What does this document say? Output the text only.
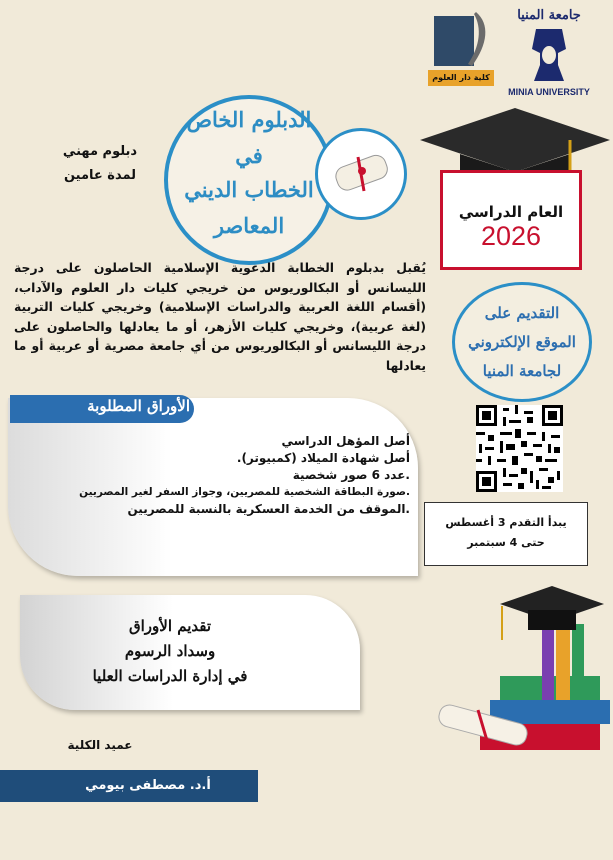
جامعة المنيا
MINIA UNIVERSITY
كلية دار العلوم
الدبلوم الخاص
في
الخطاب الديني
المعاصر
دبلوم مهني
لمدة عامين
العام الدراسي
2026
التقديم على
الموقع الإلكتروني
لجامعة المنيا
يبدأ التقدم 3 أغسطس
حتى 4 سبتمبر
يُقبل بدبلوم الخطابة الدعوية الإسلامية الحاصلون على درجة الليسانس أو البكالوريوس من خريجي كليات دار العلوم والآداب، (أقسام اللغة العربية والدراسات الإسلامية) وخريجي كليات التربية (لغة عربية)، وخريجي كليات الأزهر، أو ما يعادلها والحاصلون على درجة الليسانس أو البكالوريوس من أي جامعة مصرية أو عربية أو ما يعادلها
الأوراق المطلوبة
أصل المؤهل الدراسي
أصل شهادة الميلاد (كمبيوتر).
.عدد 6 صور شخصية
.صورة البطاقة الشخصية للمصريين، وجواز السفر لغير المصريين
.الموقف من الخدمة العسكرية بالنسبة للمصريين
تقديم الأوراق
وسداد الرسوم
في إدارة الدراسات العليا
عميد الكلية
أ.د. مصطفى بيومي
